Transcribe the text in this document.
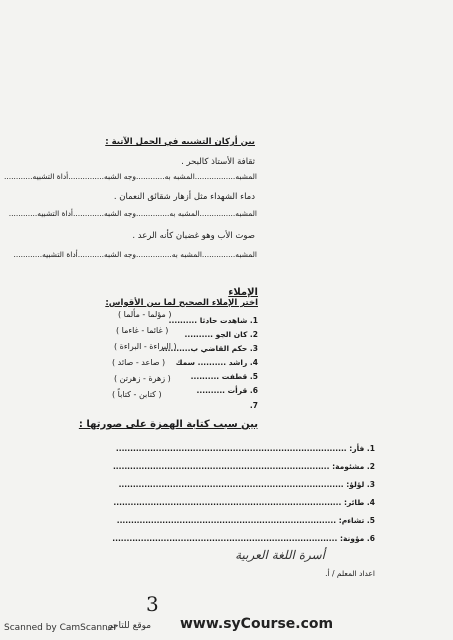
بين أركان التشبيه في الجمل الآتية :
ثقافة الأستاذ كالبحر .
المشبه.................المشبه به............وجه الشبه...............أداة التشبيه............
دماء الشهداء مثل أزهار شقائق النعمان .
المشبه...............المشبه به..............وجه الشبه.............أداة التشبيه............
صوت الأب وهو غضبان كأنه الرعد .
المشبه..............المشبه به...............وجه الشبه...........أداة التشبيه............
الإملاء
اختر الإملاء الصحيح لما بين الأقواس:
1. شاهدت حادثا ..........
2. كان الجو ..........
3. حكم القاضي ب..........
4. راشد .......... سمك
5. قطفت ..........
6. قرأت ..........
7.
( مؤلما - مألما )
( غائما - غاءما )
( البراءة - البراءة )
( صاعد - صائد )
( زهرة - زهرتن )
( كتابن - كتاباً )
بين سبب كتابة الهمزة على صورتها :
1. فأر: .................................................................................
2. مشئومة: ............................................................................
3. لؤلؤ: ...............................................................................
4. طائر: ................................................................................
5. تشاءم: .............................................................................
6. مؤونة: ...............................................................................
اعداد المعلم / أ.
أسرة اللغة العربية
3
Scanned by CamScanner
موقع للتاجر www.syCourse.com
